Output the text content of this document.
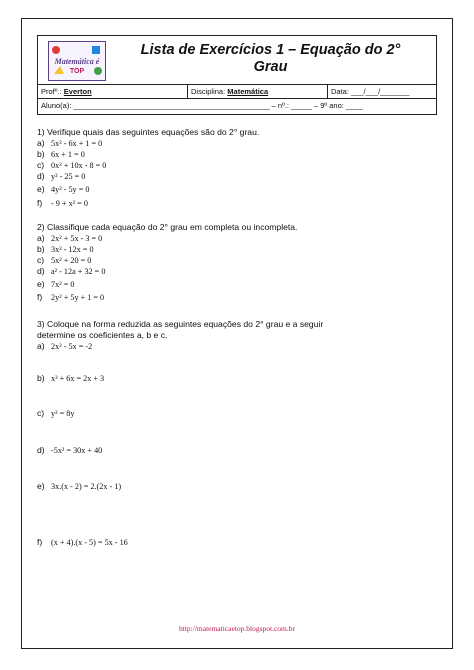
Matemática é
TOP
Lista de Exercícios 1 – Equação do 2°
Grau
Profº.: Everton	Disciplina: Matemática	Data: ___/___/_______
Aluno(a): _______________________________________________ – nº.: _____ – 9º ano: ____
1) Verifique quais das seguintes equações são do 2° grau.
a) 5x² - 6x + 1 = 0
b) 6x + 1 = 0
c) 0x² + 10x - 8 = 0
d) y² - 25 = 0
e) 4y² - 5y = 0
f) - 9 + x² = 0
2) Classifique cada equação do 2° grau em completa ou incompleta.
a) 2x² + 5x - 3 = 0
b) 3x² - 12x = 0
c) 5x² + 20 = 0
d) a² - 12a + 32 = 0
e) 7x² = 0
f) 2y² + 5y + 1 = 0
3) Coloque na forma reduzida as seguintes equações do 2° grau e a seguir
determine os coeficientes a, b e c.
a) 2x² - 5x = -2
b) x² + 6x = 2x + 3
c) y² = 8y
d) -5x² = 30x + 40
e) 3x.(x - 2) = 2.(2x - 1)
f) (x + 4).(x - 5) = 5x - 16
http://matematicaetop.blogspot.com.br
